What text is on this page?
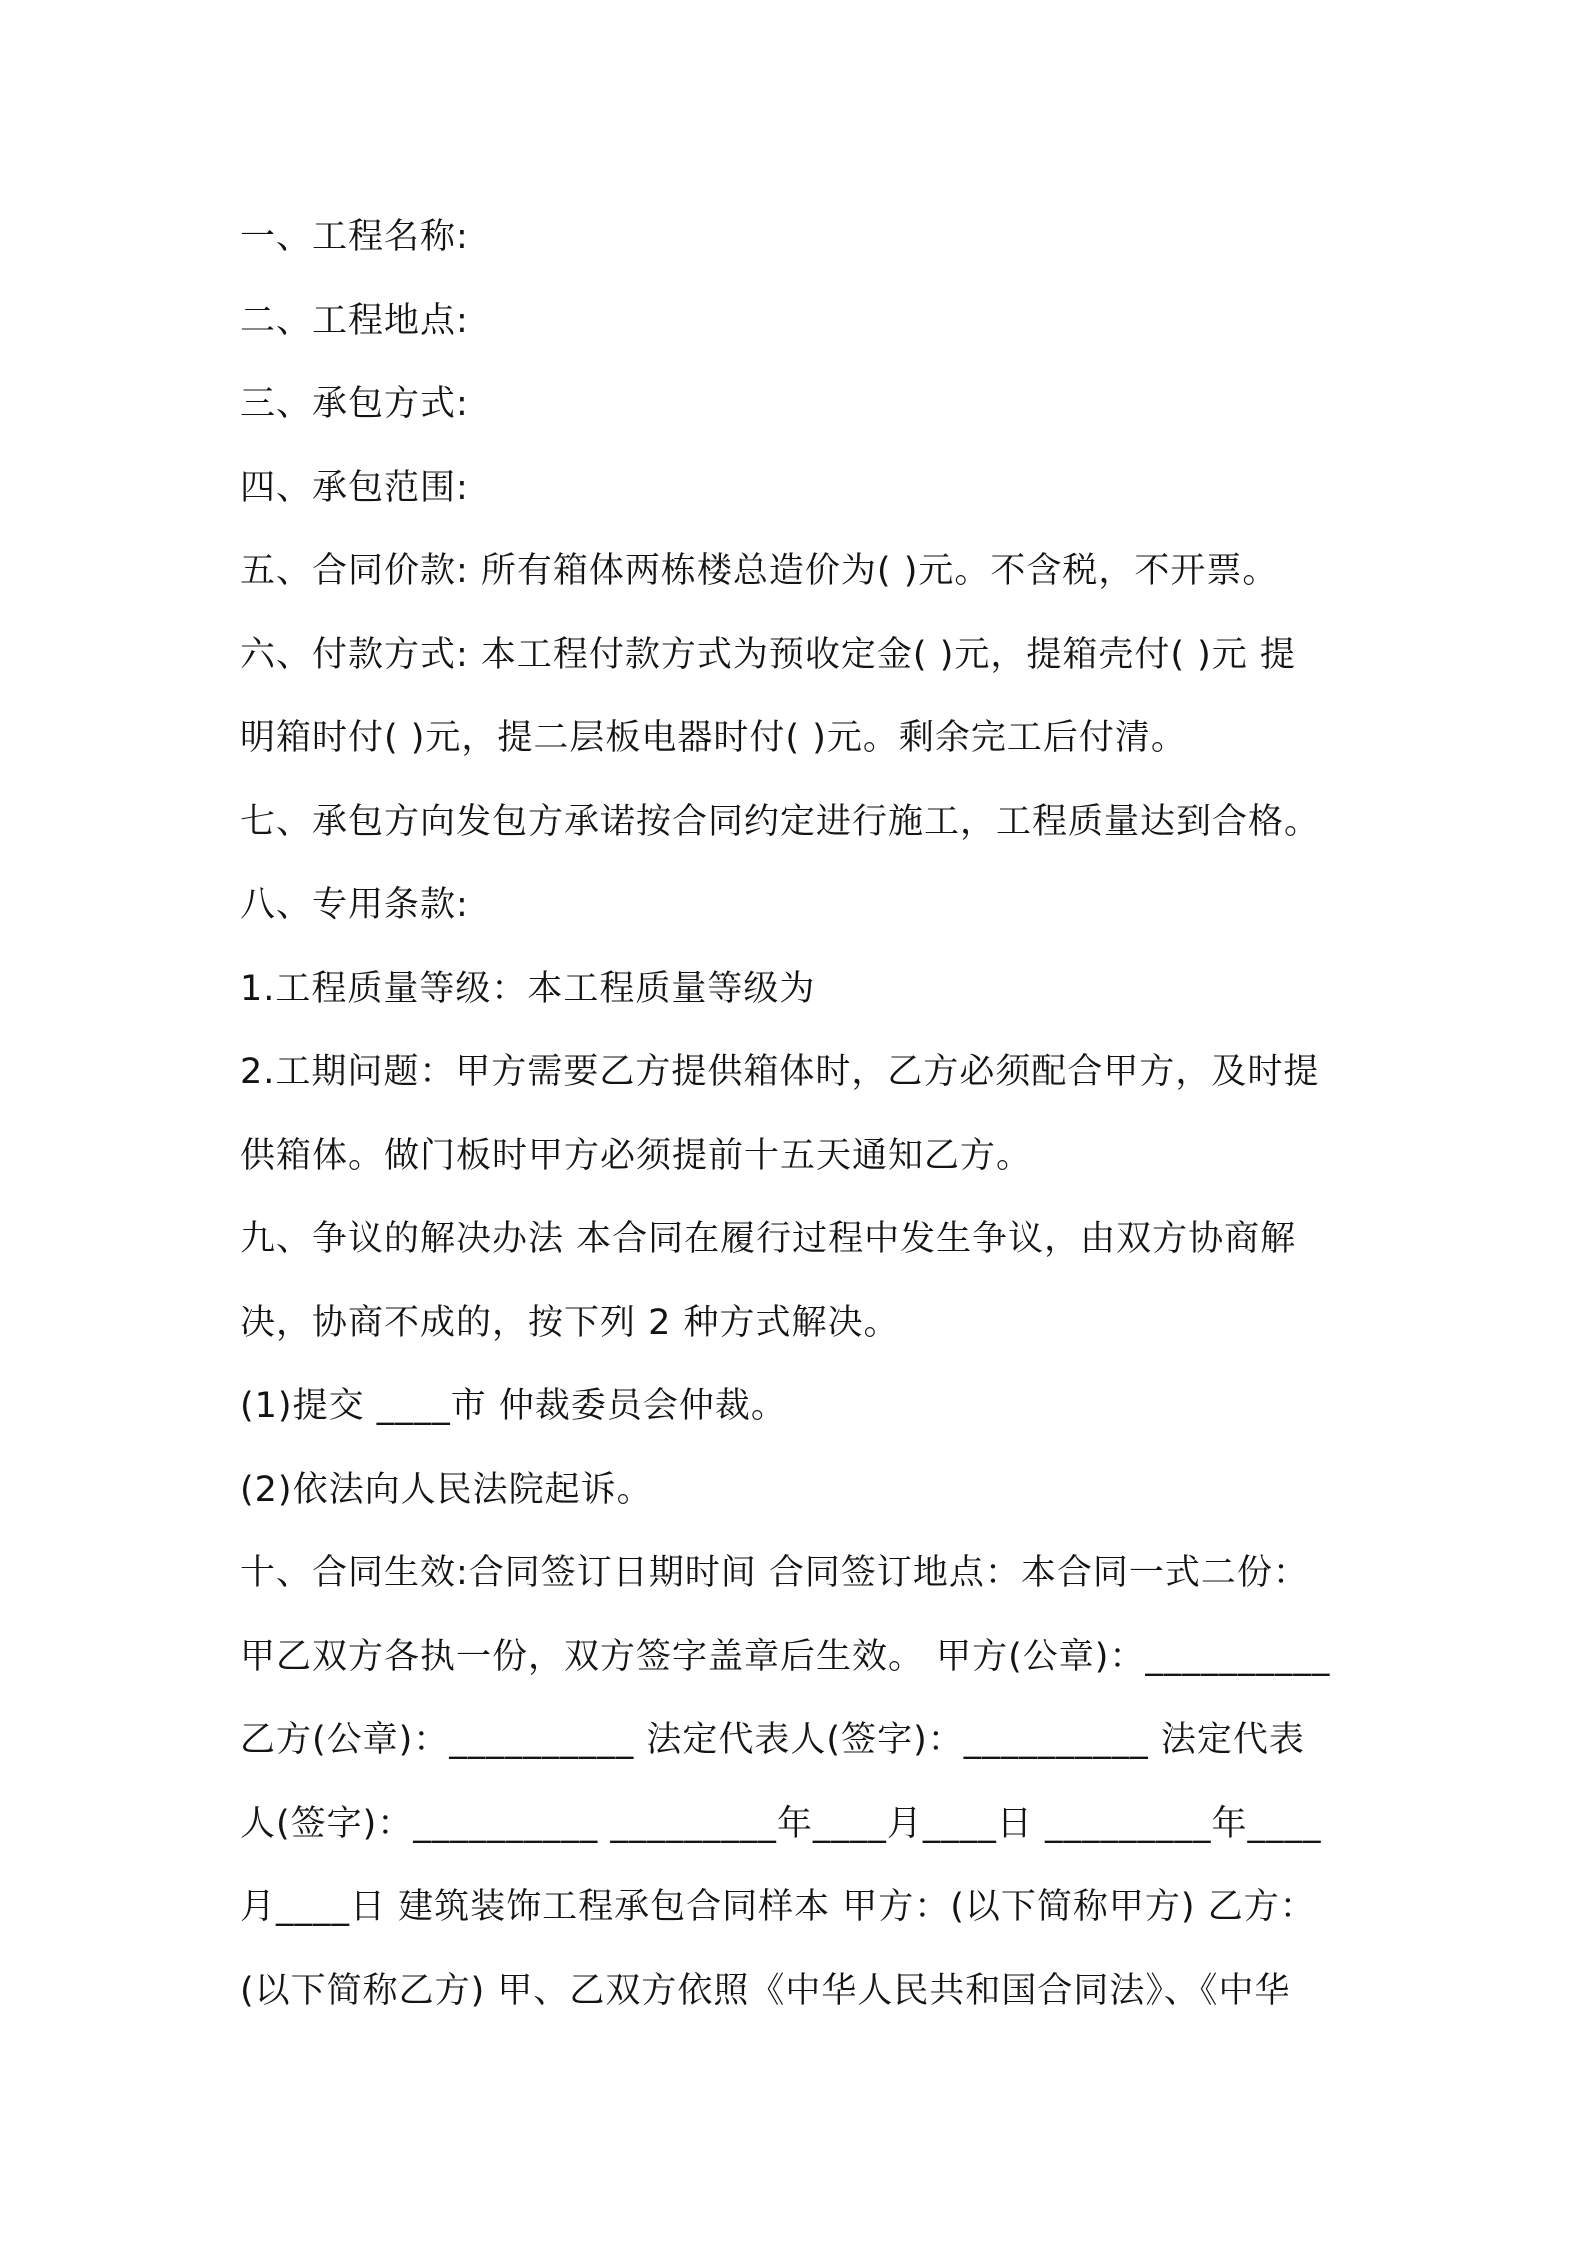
一、工程名称:
二、工程地点:
三、承包方式:
四、承包范围:
五、合同价款: 所有箱体两栋楼总造价为( )元。不含税，不开票。
六、付款方式: 本工程付款方式为预收定金( )元，提箱壳付( )元 提
明箱时付( )元，提二层板电器时付( )元。剩余完工后付清。
七、承包方向发包方承诺按合同约定进行施工，工程质量达到合格。
八、专用条款:
1.工程质量等级：本工程质量等级为
2.工期问题：甲方需要乙方提供箱体时，乙方必须配合甲方，及时提
供箱体。做门板时甲方必须提前十五天通知乙方。
九、争议的解决办法 本合同在履行过程中发生争议，由双方协商解
决，协商不成的，按下列 2 种方式解决。
(1)提交 ____市 仲裁委员会仲裁。
(2)依法向人民法院起诉。
十、合同生效:合同签订日期时间 合同签订地点：本合同一式二份：
甲乙双方各执一份，双方签字盖章后生效。 甲方(公章)：__________
乙方(公章)：__________ 法定代表人(签字)：__________ 法定代表
人(签字)：__________ _________年____月____日 _________年____
月____日 建筑装饰工程承包合同样本 甲方：(以下简称甲方) 乙方：
(以下简称乙方) 甲、乙双方依照《中华人民共和国合同法》、《中华
